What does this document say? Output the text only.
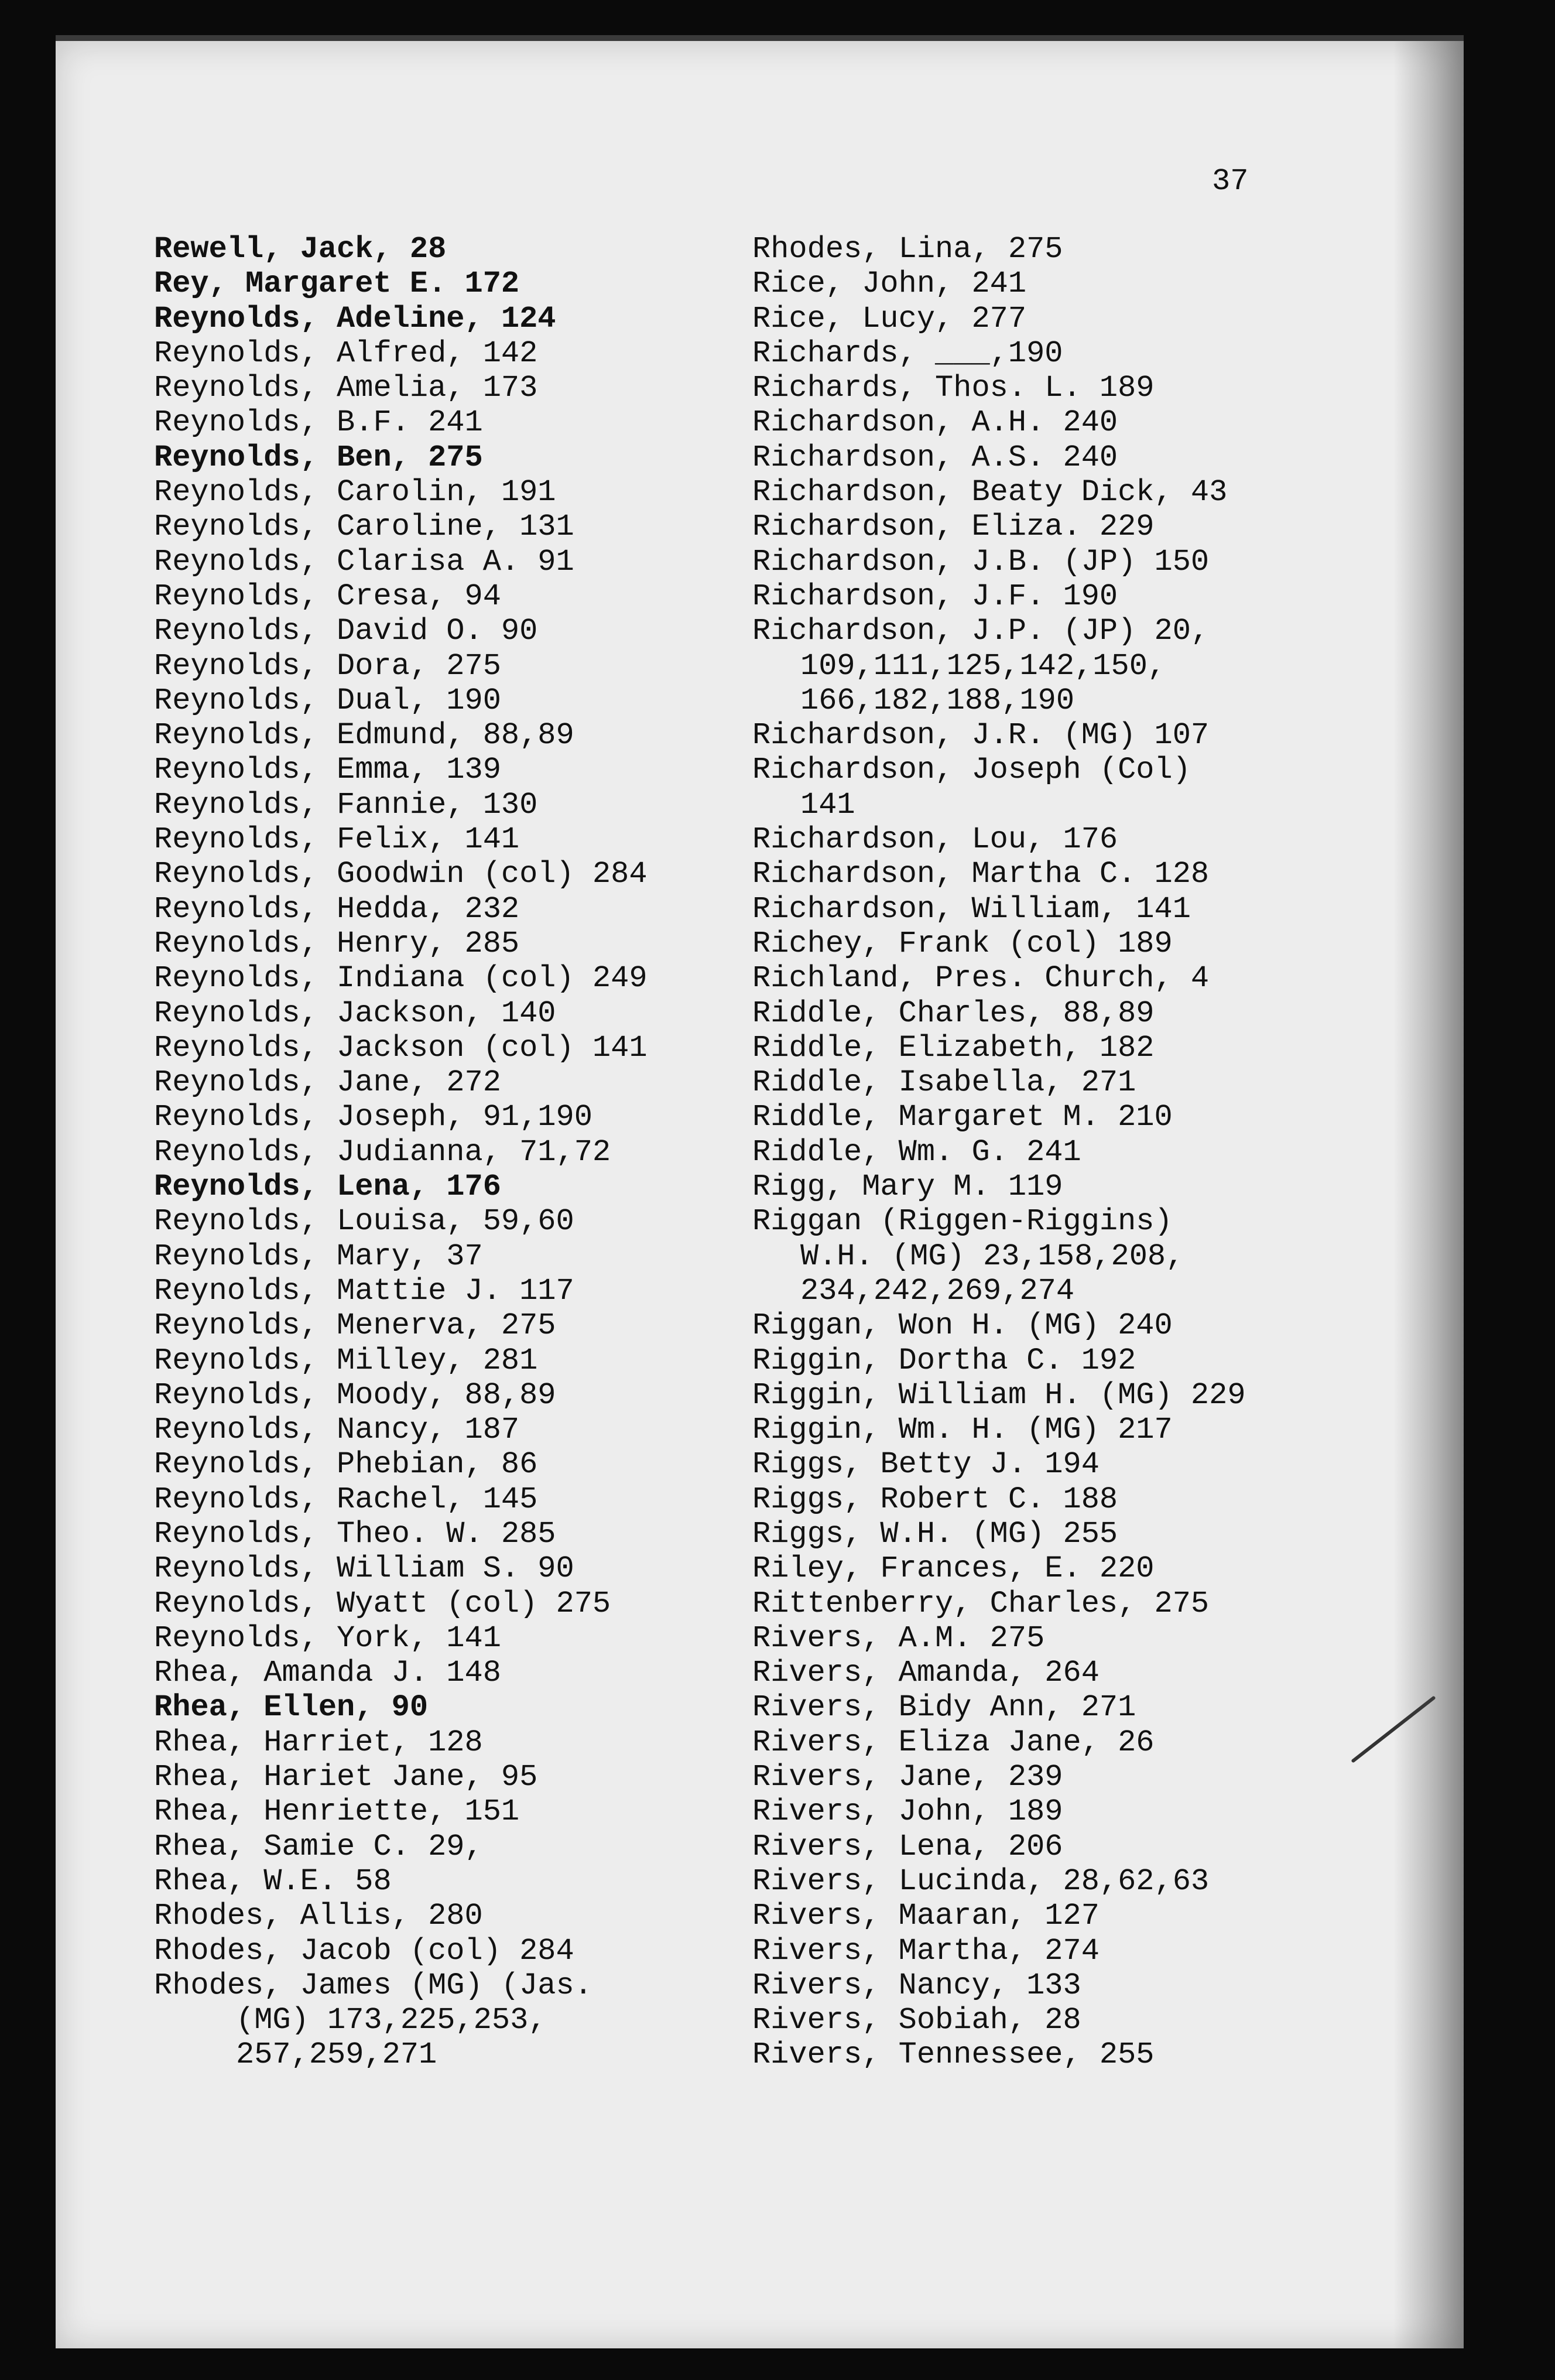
37
Rewell, Jack, 28
Rey, Margaret E. 172
Reynolds, Adeline, 124
Reynolds, Alfred, 142
Reynolds, Amelia, 173
Reynolds, B.F. 241
Reynolds, Ben, 275
Reynolds, Carolin, 191
Reynolds, Caroline, 131
Reynolds, Clarisa A. 91
Reynolds, Cresa, 94
Reynolds, David O. 90
Reynolds, Dora, 275
Reynolds, Dual, 190
Reynolds, Edmund, 88,89
Reynolds, Emma, 139
Reynolds, Fannie, 130
Reynolds, Felix, 141
Reynolds, Goodwin (col) 284
Reynolds, Hedda, 232
Reynolds, Henry, 285
Reynolds, Indiana (col) 249
Reynolds, Jackson, 140
Reynolds, Jackson (col) 141
Reynolds, Jane, 272
Reynolds, Joseph, 91,190
Reynolds, Judianna, 71,72
Reynolds, Lena, 176
Reynolds, Louisa, 59,60
Reynolds, Mary, 37
Reynolds, Mattie J. 117
Reynolds, Menerva, 275
Reynolds, Milley, 281
Reynolds, Moody, 88,89
Reynolds, Nancy, 187
Reynolds, Phebian, 86
Reynolds, Rachel, 145
Reynolds, Theo. W. 285
Reynolds, William S. 90
Reynolds, Wyatt (col) 275
Reynolds, York, 141
Rhea, Amanda J. 148
Rhea, Ellen, 90
Rhea, Harriet, 128
Rhea, Hariet Jane, 95
Rhea, Henriette, 151
Rhea, Samie C. 29,
Rhea, W.E. 58
Rhodes, Allis, 280
Rhodes, Jacob (col) 284
Rhodes, James (MG) (Jas.
(MG) 173,225,253,
257,259,271
Rhodes, Lina, 275
Rice, John, 241
Rice, Lucy, 277
Richards, ___,190
Richards, Thos. L. 189
Richardson, A.H. 240
Richardson, A.S. 240
Richardson, Beaty Dick, 43
Richardson, Eliza. 229
Richardson, J.B. (JP) 150
Richardson, J.F. 190
Richardson, J.P. (JP) 20,
109,111,125,142,150,
166,182,188,190
Richardson, J.R. (MG) 107
Richardson, Joseph (Col)
141
Richardson, Lou, 176
Richardson, Martha C. 128
Richardson, William, 141
Richey, Frank (col) 189
Richland, Pres. Church, 4
Riddle, Charles, 88,89
Riddle, Elizabeth, 182
Riddle, Isabella, 271
Riddle, Margaret M. 210
Riddle, Wm. G. 241
Rigg, Mary M. 119
Riggan (Riggen-Riggins)
W.H. (MG) 23,158,208,
234,242,269,274
Riggan, Won H. (MG) 240
Riggin, Dortha C. 192
Riggin, William H. (MG) 229
Riggin, Wm. H. (MG) 217
Riggs, Betty J. 194
Riggs, Robert C. 188
Riggs, W.H. (MG) 255
Riley, Frances, E. 220
Rittenberry, Charles, 275
Rivers, A.M. 275
Rivers, Amanda, 264
Rivers, Bidy Ann, 271
Rivers, Eliza Jane, 26
Rivers, Jane, 239
Rivers, John, 189
Rivers, Lena, 206
Rivers, Lucinda, 28,62,63
Rivers, Maaran, 127
Rivers, Martha, 274
Rivers, Nancy, 133
Rivers, Sobiah, 28
Rivers, Tennessee, 255
